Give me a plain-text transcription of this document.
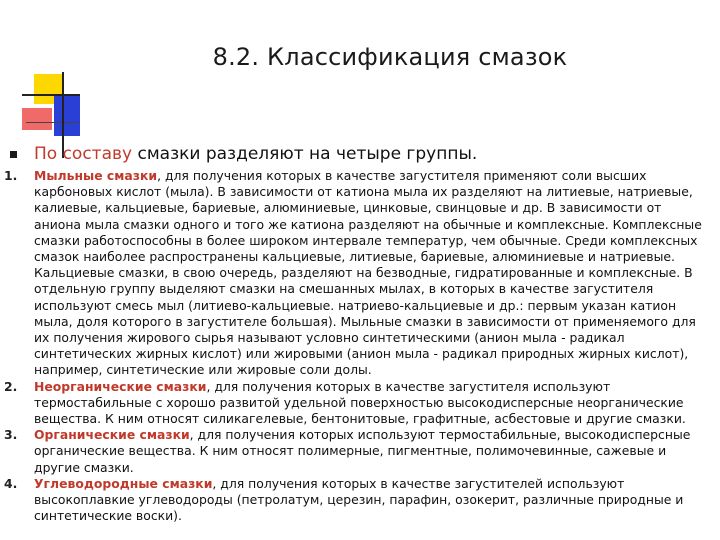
8.2. Классификация смазок
По составу смазки разделяют на четыре группы.
1. Мыльные смазки, для получения которых в качестве загустителя применяют соли высших карбоновых кислот (мыла). В зависимости от катиона мыла их разделяют на литиевые, натриевые, калиевые, кальциевые, бариевые, алюминиевые, цинковые, свинцовые и др. В зависимости от аниона мыла смазки одного и того же катиона разделяют на обычные и комплексные. Комплексные смазки работоспособны в более широком интервале температур, чем обычные. Среди комплексных смазок наиболее распространены кальциевые, литиевые, бариевые, алюминиевые и натриевые. Кальциевые смазки, в свою очередь, разделяют на безводные, гидратированные и комплексные. В отдельную группу выделяют смазки на смешанных мылах, в которых в качестве загустителя используют смесь мыл (литиево-кальциевые. натриево-кальциевые и др.: первым указан катион мыла, доля которого в загустителе большая). Мыльные смазки в зависимости от применяемого для их получения жирового сырья называют условно синтетическими (анион мыла - радикал синтетических жирных кислот) или жировыми (анион мыла - радикал природных жирных кислот), например, синтетические или жировые соли долы.
2. Неорганические смазки, для получения которых в качестве загустителя используют термостабильные с хорошо развитой удельной поверхностью высокодисперсные неорганические вещества. К ним относят силикагелевые, бентонитовые, графитные, асбестовые и другие смазки.
3. Органические смазки, для получения которых используют термостабильные, высокодисперсные органические вещества. К ним относят полимерные, пигментные, полимочевинные, сажевые и другие смазки.
4. Углеводородные смазки, для получения которых в качестве загустителей используют высокоплавкие углеводороды (петролатум, церезин, парафин, озокерит, различные природные и синтетические воски).
